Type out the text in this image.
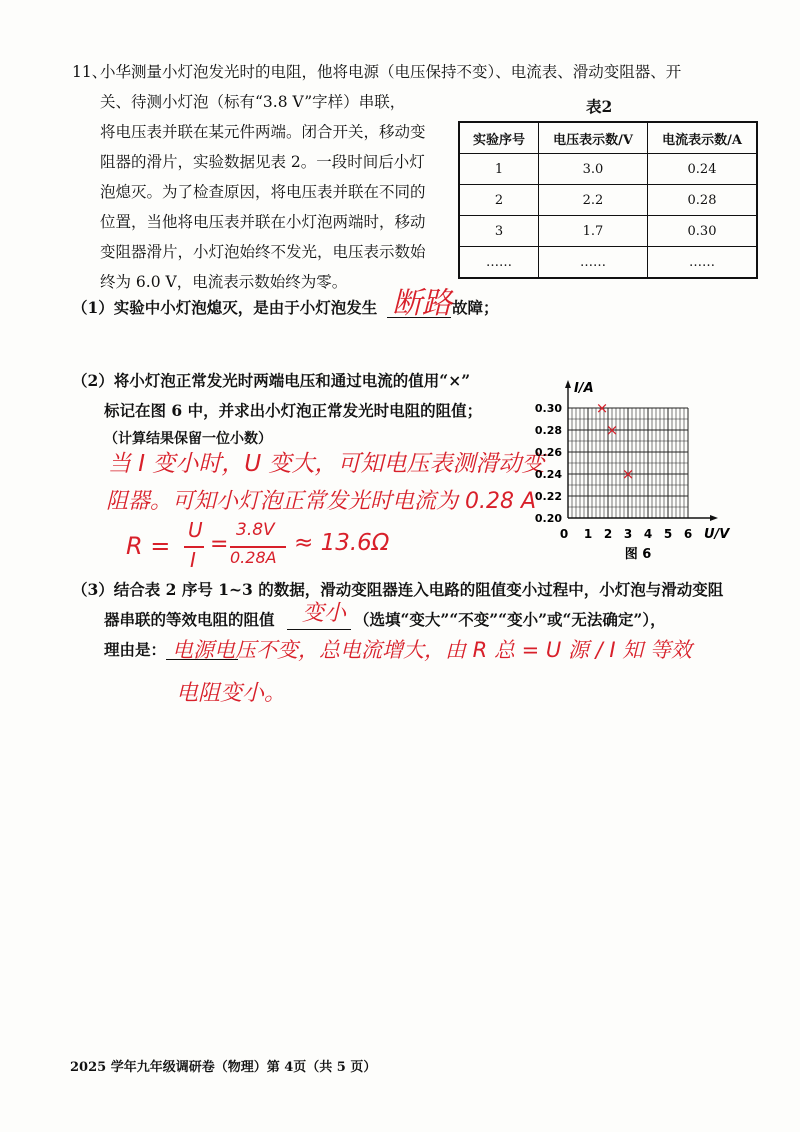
11、
小华测量小灯泡发光时的电阻，他将电源（电压保持不变）、电流表、滑动变阻器、开
关、待测小灯泡（标有“3.8 V”字样）串联，
将电压表并联在某元件两端。闭合开关，移动变
阻器的滑片，实验数据见表 2。一段时间后小灯
泡熄灭。为了检查原因，将电压表并联在不同的
位置，当他将电压表并联在小灯泡两端时，移动
变阻器滑片，小灯泡始终不发光，电压表示数始
终为 6.0 V，电流表示数始终为零。
表2
实验序号	电压表示数/V	电流表示数/A
1	3.0	0.24
2	2.2	0.28
3	1.7	0.30
……	……	……
（1）实验中小灯泡熄灭，是由于小灯泡发生 断路 故障；
（2）将小灯泡正常发光时两端电压和通过电流的值用“×”
标记在图 6 中，并求出小灯泡正常发光时电阻的阻值；
（计算结果保留一位小数）
当 I 变小时，U 变大，可知电压表测滑动变
阻器。可知小灯泡正常发光时电流为 0.28 A
R =
U
I
=
3.8V
0.28A
≈ 13.6Ω	U/V
I/A
0 1 2 3 4 5 6
0.20
0.22
0.24
0.26
0.28
0.30
图 6
×
×
×
（3）结合表 2 序号 1~3 的数据，滑动变阻器连入电路的阻值变小过程中，小灯泡与滑动变阻
器串联的等效电阻的阻值 变小 （选填“变大”“不变”“变小”或“无法确定”），
理由是： 电源电压不变，总电流增大，由 R 总 = U 源 / I 知 等效
电阻变小。
2025 学年九年级调研卷（物理）第 4页（共 5 页）
